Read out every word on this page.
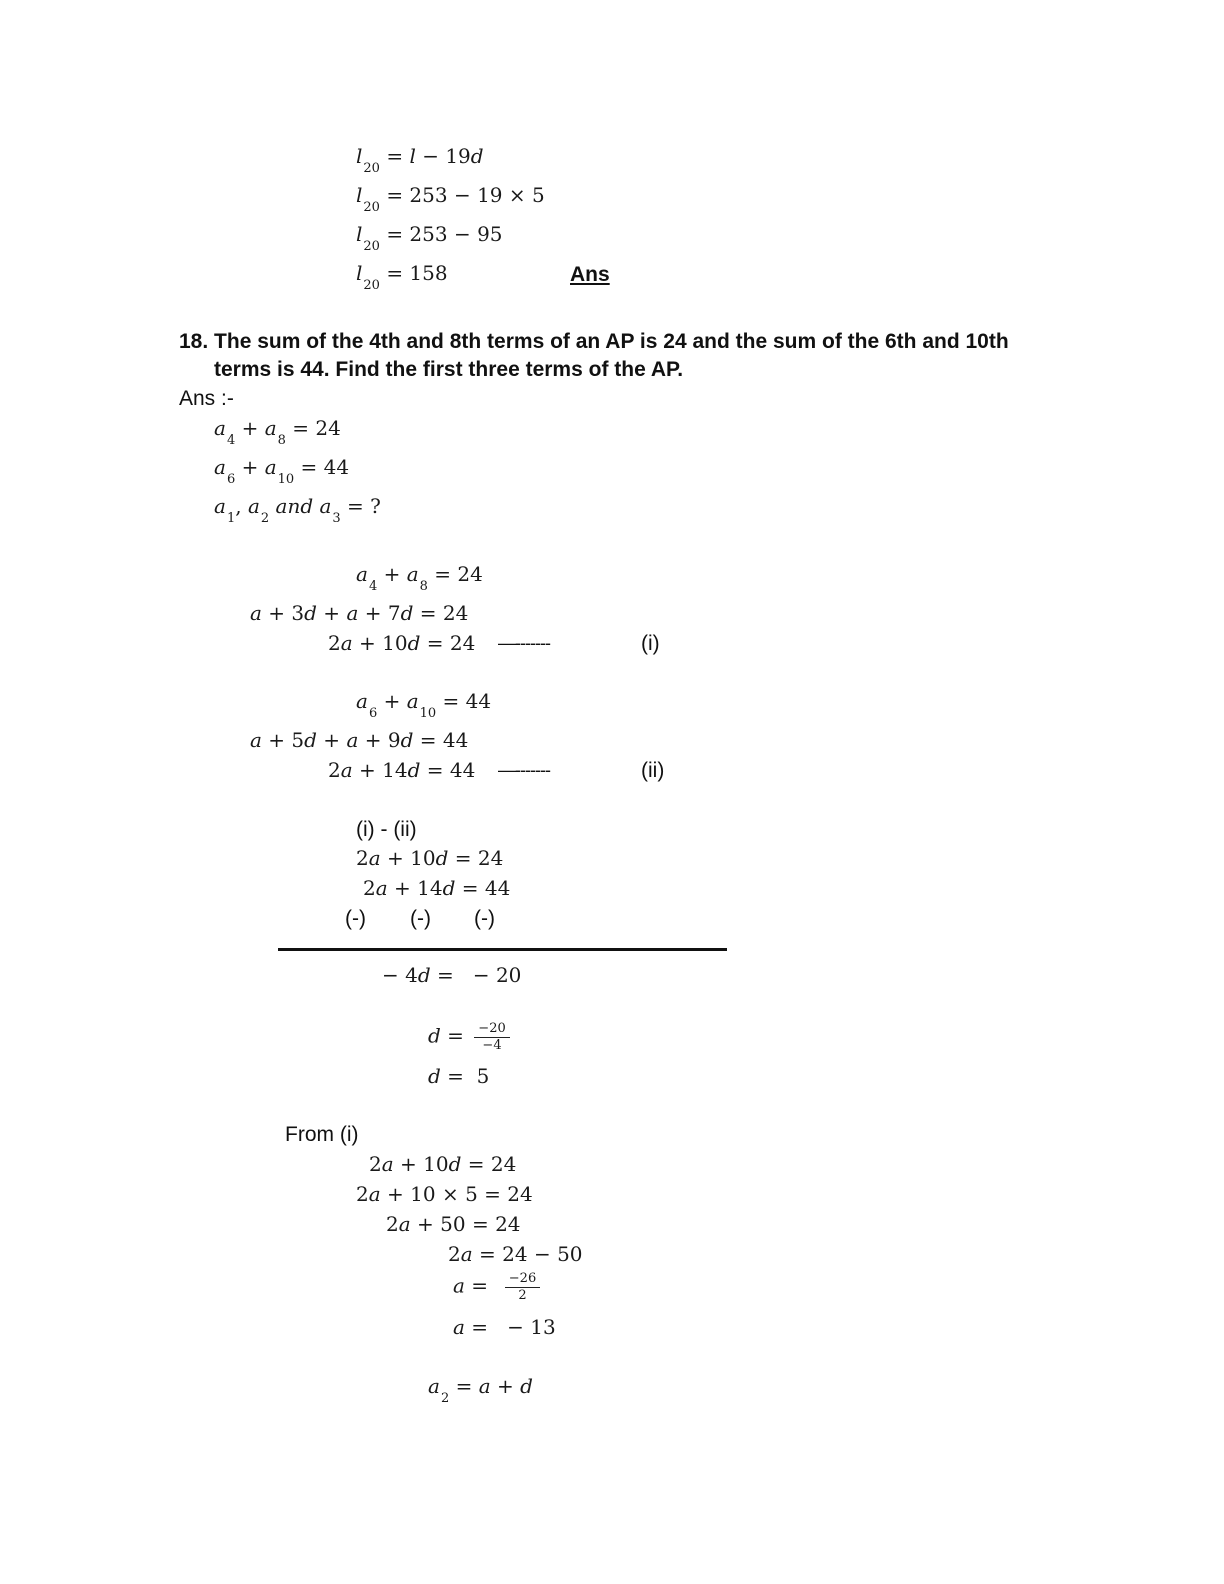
$l_{20} = l - 19d$
$l_{20} = 253 - 19 \times 5$
$l_{20} = 253 - 95$
$l_{20} = 158$	Ans
18. The sum of the 4th and 8th terms of an AP is 24 and the sum of the 6th and 10th
terms is 44. Find the first three terms of the AP.
Ans :-
$a_4 + a_8 = 24$
$a_6 + a_{10} = 44$
$a_1$, $a_2$ and $a_3$ = ?
$a_4 + a_8 = 24$
a + 3d + a + 7d = 24
2a + 10d = 24 —-------	(i)
$a_6 + a_{10} = 44$
a + 5d + a + 9d = 44
2a + 14d = 44 —-------	(ii)
(i) - (ii)
2a + 10d = 24
2a + 14d = 44
(-) (-) (-)
− 4d =   − 20
$d = \frac{-20}{-4}$
d =  5
From (i)
2a + 10d = 24
2a + 10 × 5 = 24
2a + 50 = 24
2a = 24 − 50
$a = \frac{-26}{2}$
a =   − 13
$a_2 = a + d$
